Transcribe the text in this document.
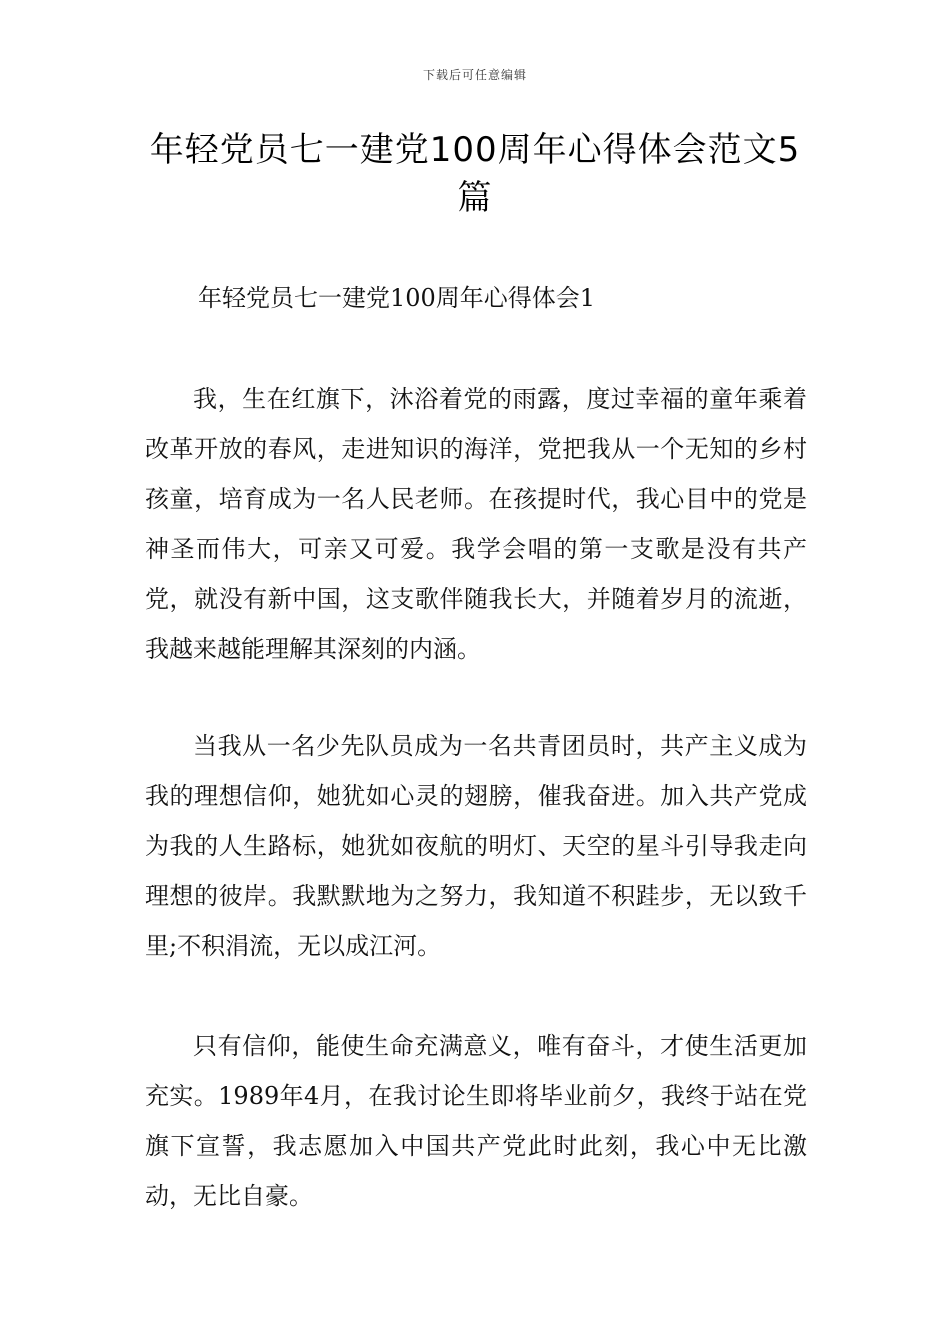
下载后可任意编辑
年轻党员七一建党100周年心得体会范文5篇
年轻党员七一建党100周年心得体会1

我，生在红旗下，沐浴着党的雨露，度过幸福的童年乘着改革开放的春风，走进知识的海洋，党把我从一个无知的乡村孩童，培育成为一名人民老师。在孩提时代，我心目中的党是神圣而伟大，可亲又可爱。我学会唱的第一支歌是没有共产党，就没有新中国，这支歌伴随我长大，并随着岁月的流逝，我越来越能理解其深刻的内涵。

当我从一名少先队员成为一名共青团员时，共产主义成为我的理想信仰，她犹如心灵的翅膀，催我奋进。加入共产党成为我的人生路标，她犹如夜航的明灯、天空的星斗引导我走向理想的彼岸。我默默地为之努力，我知道不积跬步，无以致千里;不积涓流，无以成江河。

只有信仰，能使生命充满意义，唯有奋斗，才使生活更加充实。1989年4月，在我讨论生即将毕业前夕，我终于站在党旗下宣誓，我志愿加入中国共产党此时此刻，我心中无比激动，无比自豪。
